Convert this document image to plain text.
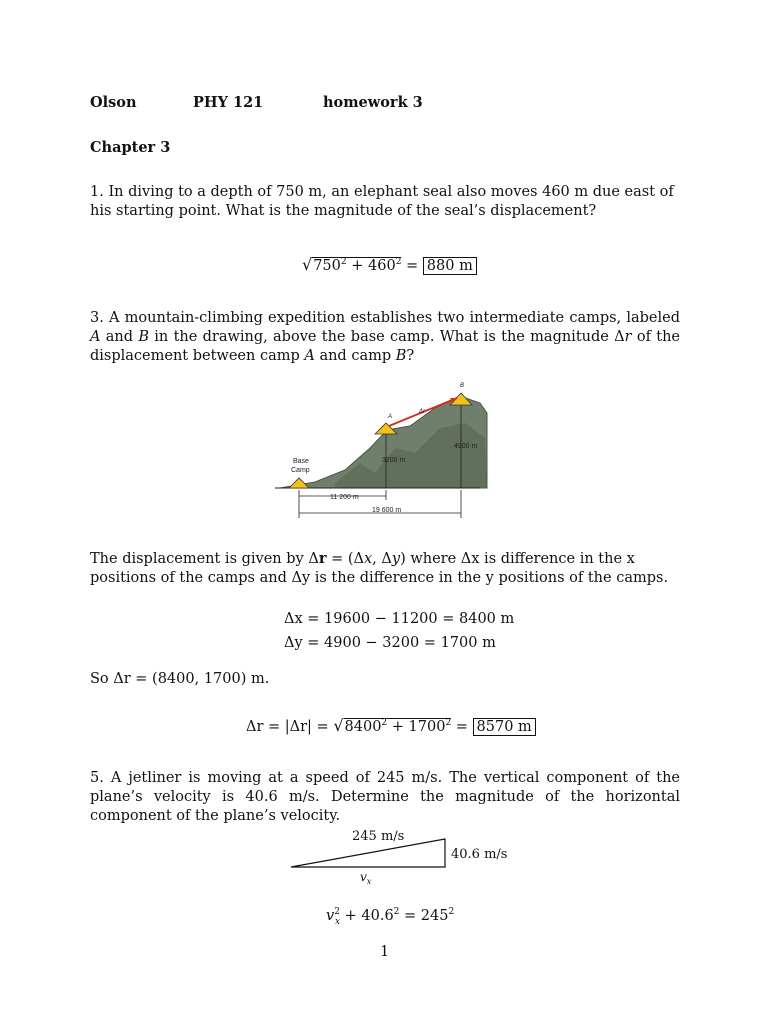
Olson	PHY 121	homework 3
Chapter 3
1. In diving to a depth of 750 m, an elephant seal also moves 460 m due east of his starting point. What is the magnitude of the seal’s displacement?
$√750^2 + 460^2 = 880$ m
3. A mountain-climbing expedition establishes two intermediate camps, labeled A and B in the drawing, above the base camp. What is the magnitude Δr of the displacement between camp A and camp B?
Base
Camp
A
B
Δr
3200 m
4900 m
11 200 m
19 600 m
The displacement is given by Δr = (Δx, Δy) where Δx is difference in the x positions of the camps and Δy is the difference in the y positions of the camps.
Δx = 19600 − 11200 = 8400 m
Δy = 4900 − 3200 = 1700 m
So Δr = (8400, 1700) m.
$\Delta r = |\Delta r| = √8400^2 + 1700^2 = 8570$ m
5. A jetliner is moving at a speed of 245 m/s. The vertical component of the plane’s velocity is 40.6 m/s. Determine the magnitude of the horizontal component of the plane’s velocity.
245 m/s
40.6 m/s
$v_x$
$v^2_x + 40.6^2 = 245^2$
1
